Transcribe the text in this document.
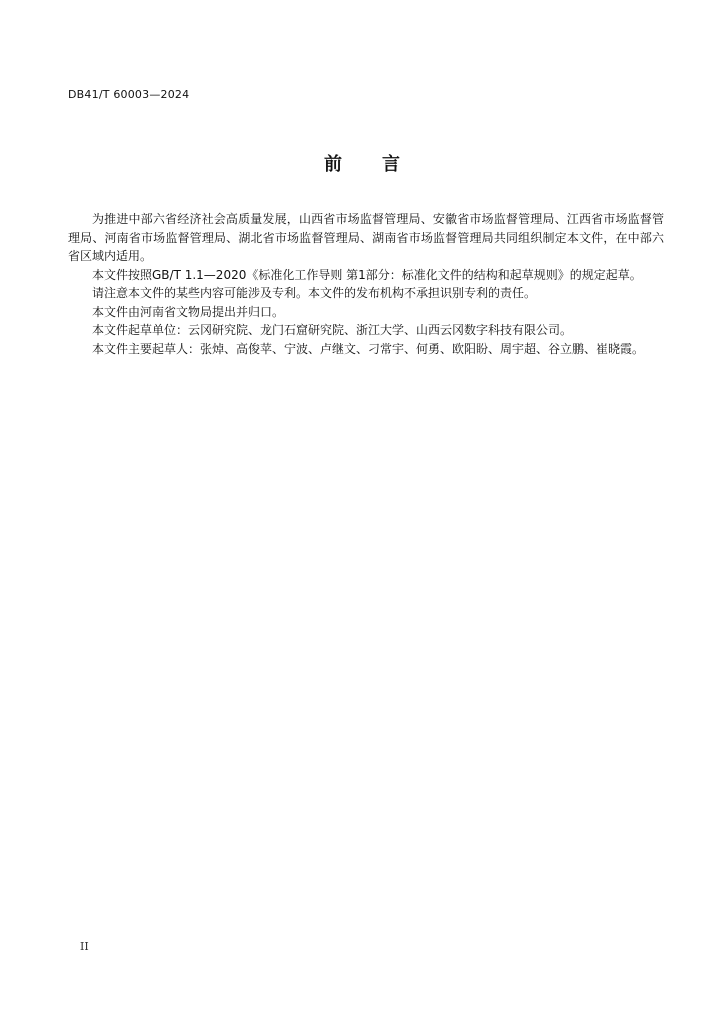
DB41/T 60003—2024
前 言

为推进中部六省经济社会高质量发展，山西省市场监督管理局、安徽省市场监督管理局、江西省市场监督管理局、河南省市场监督管理局、湖北省市场监督管理局、湖南省市场监督管理局共同组织制定本文件，在中部六省区域内适用。

本文件按照GB/T 1.1—2020《标准化工作导则 第1部分：标准化文件的结构和起草规则》的规定起草。

请注意本文件的某些内容可能涉及专利。本文件的发布机构不承担识别专利的责任。

本文件由河南省文物局提出并归口。

本文件起草单位：云冈研究院、龙门石窟研究院、浙江大学、山西云冈数字科技有限公司。

本文件主要起草人：张焯、高俊苹、宁波、卢继文、刁常宇、何勇、欧阳盼、周宇超、谷立鹏、崔晓霞。

II
